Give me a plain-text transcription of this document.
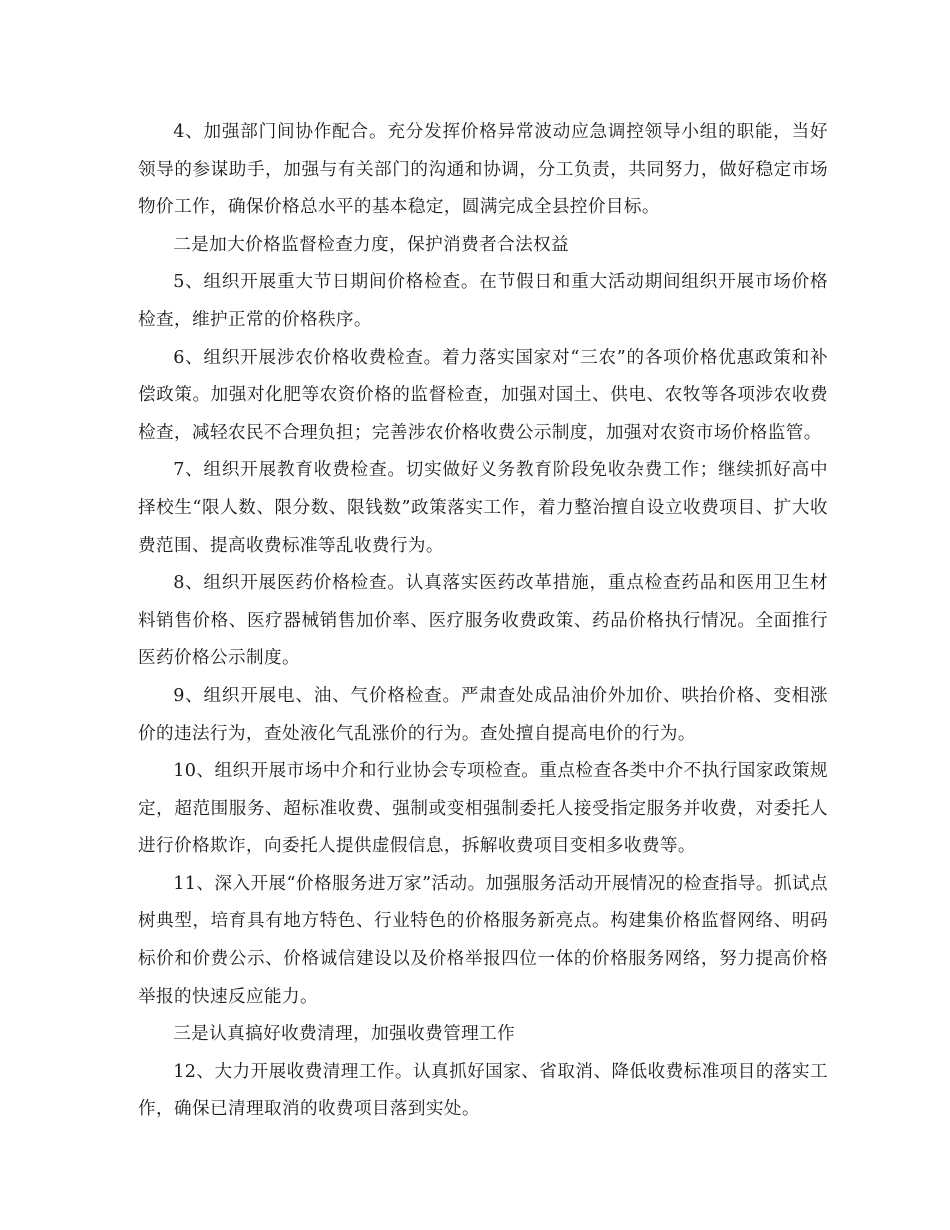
4、加强部门间协作配合。充分发挥价格异常波动应急调控领导小组的职能，当好领导的参谋助手，加强与有关部门的沟通和协调，分工负责，共同努力，做好稳定市场物价工作，确保价格总水平的基本稳定，圆满完成全县控价目标。

二是加大价格监督检查力度，保护消费者合法权益

5、组织开展重大节日期间价格检查。在节假日和重大活动期间组织开展市场价格检查，维护正常的价格秩序。

6、组织开展涉农价格收费检查。着力落实国家对“三农”的各项价格优惠政策和补偿政策。加强对化肥等农资价格的监督检查，加强对国土、供电、农牧等各项涉农收费检查，减轻农民不合理负担；完善涉农价格收费公示制度，加强对农资市场价格监管。

7、组织开展教育收费检查。切实做好义务教育阶段免收杂费工作；继续抓好高中择校生“限人数、限分数、限钱数”政策落实工作，着力整治擅自设立收费项目、扩大收费范围、提高收费标准等乱收费行为。

8、组织开展医药价格检查。认真落实医药改革措施，重点检查药品和医用卫生材料销售价格、医疗器械销售加价率、医疗服务收费政策、药品价格执行情况。全面推行医药价格公示制度。

9、组织开展电、油、气价格检查。严肃查处成品油价外加价、哄抬价格、变相涨价的违法行为，查处液化气乱涨价的行为。查处擅自提高电价的行为。

10、组织开展市场中介和行业协会专项检查。重点检查各类中介不执行国家政策规定，超范围服务、超标准收费、强制或变相强制委托人接受指定服务并收费，对委托人进行价格欺诈，向委托人提供虚假信息，拆解收费项目变相多收费等。

11、深入开展“价格服务进万家”活动。加强服务活动开展情况的检查指导。抓试点树典型，培育具有地方特色、行业特色的价格服务新亮点。构建集价格监督网络、明码标价和价费公示、价格诚信建设以及价格举报四位一体的价格服务网络，努力提高价格举报的快速反应能力。

三是认真搞好收费清理，加强收费管理工作

12、大力开展收费清理工作。认真抓好国家、省取消、降低收费标准项目的落实工作，确保已清理取消的收费项目落到实处。
